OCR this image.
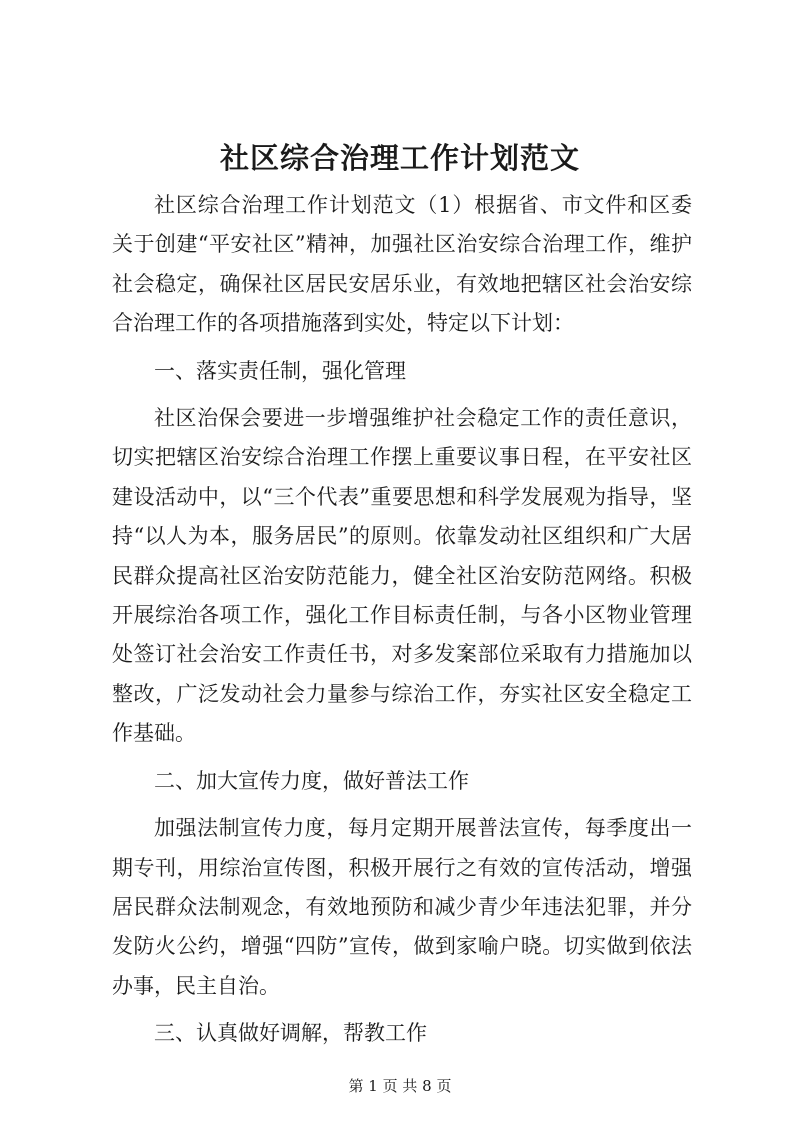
社区综合治理工作计划范文

社区综合治理工作计划范文（1）根据省、市文件和区委关于创建“平安社区”精神，加强社区治安综合治理工作，维护社会稳定，确保社区居民安居乐业，有效地把辖区社会治安综合治理工作的各项措施落到实处，特定以下计划：

一、落实责任制，强化管理

社区治保会要进一步增强维护社会稳定工作的责任意识，切实把辖区治安综合治理工作摆上重要议事日程，在平安社区建设活动中，以“三个代表”重要思想和科学发展观为指导，坚持“以人为本，服务居民”的原则。依靠发动社区组织和广大居民群众提高社区治安防范能力，健全社区治安防范网络。积极开展综治各项工作，强化工作目标责任制，与各小区物业管理处签订社会治安工作责任书，对多发案部位采取有力措施加以整改，广泛发动社会力量参与综治工作，夯实社区安全稳定工作基础。

二、加大宣传力度，做好普法工作

加强法制宣传力度，每月定期开展普法宣传，每季度出一期专刊，用综治宣传图，积极开展行之有效的宣传活动，增强居民群众法制观念，有效地预防和减少青少年违法犯罪，并分发防火公约，增强“四防”宣传，做到家喻户晓。切实做到依法办事，民主自治。

三、认真做好调解，帮教工作

第 1 页 共 8 页
